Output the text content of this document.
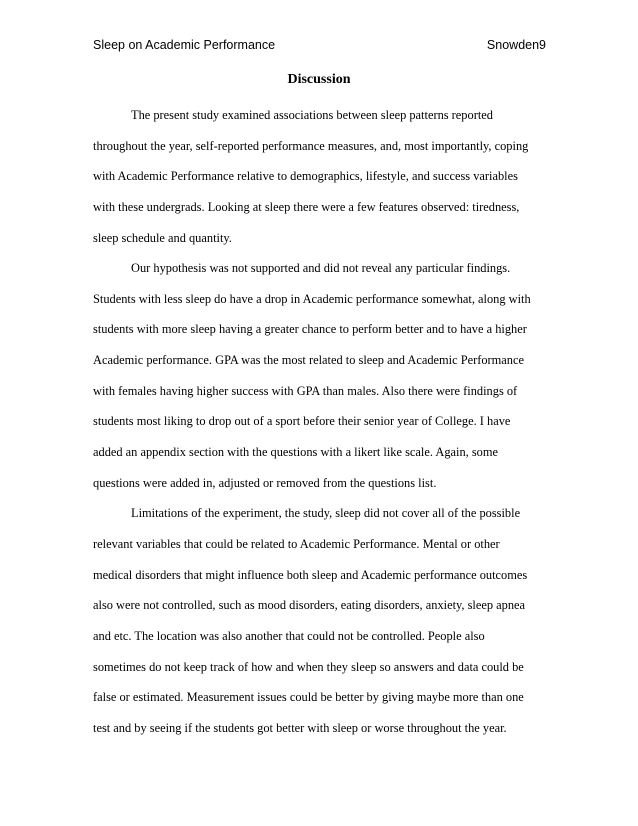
Sleep on Academic Performance	Snowden9
Discussion
The present study examined associations between sleep patterns reported
throughout the year, self-reported performance measures, and, most importantly, coping
with Academic Performance relative to demographics, lifestyle, and success variables
with these undergrads. Looking at sleep there were a few features observed: tiredness,
sleep schedule and quantity.
Our hypothesis was not supported and did not reveal any particular findings.
Students with less sleep do have a drop in Academic performance somewhat, along with
students with more sleep having a greater chance to perform better and to have a higher
Academic performance. GPA was the most related to sleep and Academic Performance
with females having higher success with GPA than males. Also there were findings of
students most liking to drop out of a sport before their senior year of College. I have
added an appendix section with the questions with a likert like scale. Again, some
questions were added in, adjusted or removed from the questions list.
Limitations of the experiment, the study, sleep did not cover all of the possible
relevant variables that could be related to Academic Performance. Mental or other
medical disorders that might influence both sleep and Academic performance outcomes
also were not controlled, such as mood disorders, eating disorders, anxiety, sleep apnea
and etc. The location was also another that could not be controlled. People also
sometimes do not keep track of how and when they sleep so answers and data could be
false or estimated. Measurement issues could be better by giving maybe more than one
test and by seeing if the students got better with sleep or worse throughout the year.
